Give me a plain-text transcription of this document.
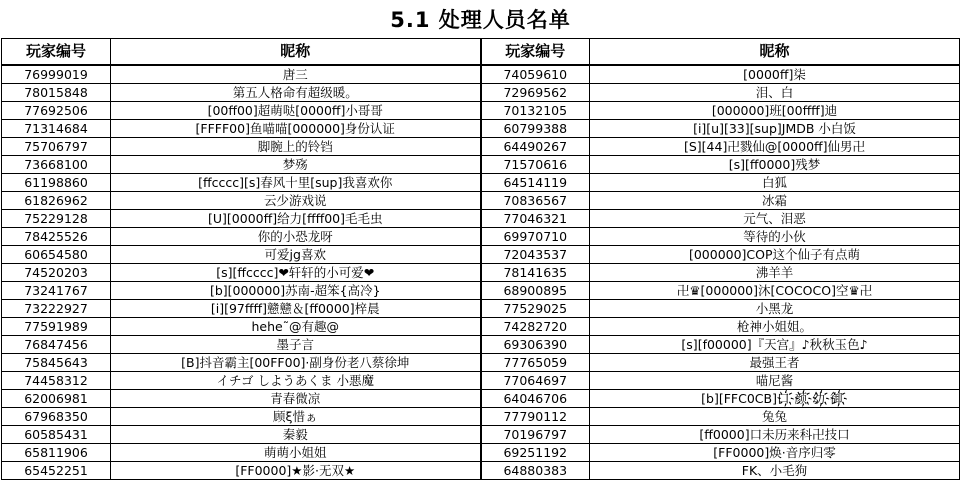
5.1 处理人员名单
玩家编号	昵称	玩家编号	昵称
76999019	唐三	74059610	[0000ff]柒
78015848	第五人格命有超级暖。	72969562	泪、白
77692506	[00ff00]超萌哒[0000ff]小哥哥	70132105	[000000]班[00ffff]迪
71314684	[FFFF00]鱼喵喵[000000]身份认证	60799388	[i][u][33][sup]JMDB 小白饭
75706797	脚腕上的铃铛	64490267	[S][44]卍戮仙@[0000ff]仙男卍
73668100	梦殇	71570616	[s][ff0000]残梦
61198860	[ffcccc][s]春风十里[sup]我喜欢你	64514119	白狐
61826962	云少游戏说	70836567	冰霜
75229128	[U][0000ff]给力[ffff00]毛毛虫	77046321	元气、泪恶
78425526	你的小恐龙呀	69970710	等待的小伙
60654580	可爱jg喜欢	72043537	[000000]COP这个仙子有点萌
74520203	[s][ffcccc]❤轩轩的小可爱❤	78141635	沸羊羊
73241767	[b][000000]苏南-超笨{高冷}	68900895	卍♛[000000]沐[COCOCO]空♛卍
73222927	[i][97ffff]戆戆＆[ff0000]梓晨	77529025	小黑龙
77591989	hehe˜@有趣@	74282720	枪神小姐姐。
76847456	墨子言	69306390	[s][f00000]『天宫』♪秋秋玉色♪
75845643	[B]抖音霸主[00FF00]·副身份老八蔡徐坤	77765059	最强王者
74458312	イチゴ しようあくま 小悪魔	77064697	喵尼酱
62006981	青春微凉	64046706	[b][FFC0CB]口҉颜҉幼҉御҉
67968350	顾ξ惜ぁ	77790112	兔兔
60585431	秦毅	70196797	[ff0000]口未历来科卍技口
65811906	萌萌小姐姐	69251192	[FF0000]焕·音序归零
65452251	[FF0000]★影·无双★	64880383	FK、小毛狗
